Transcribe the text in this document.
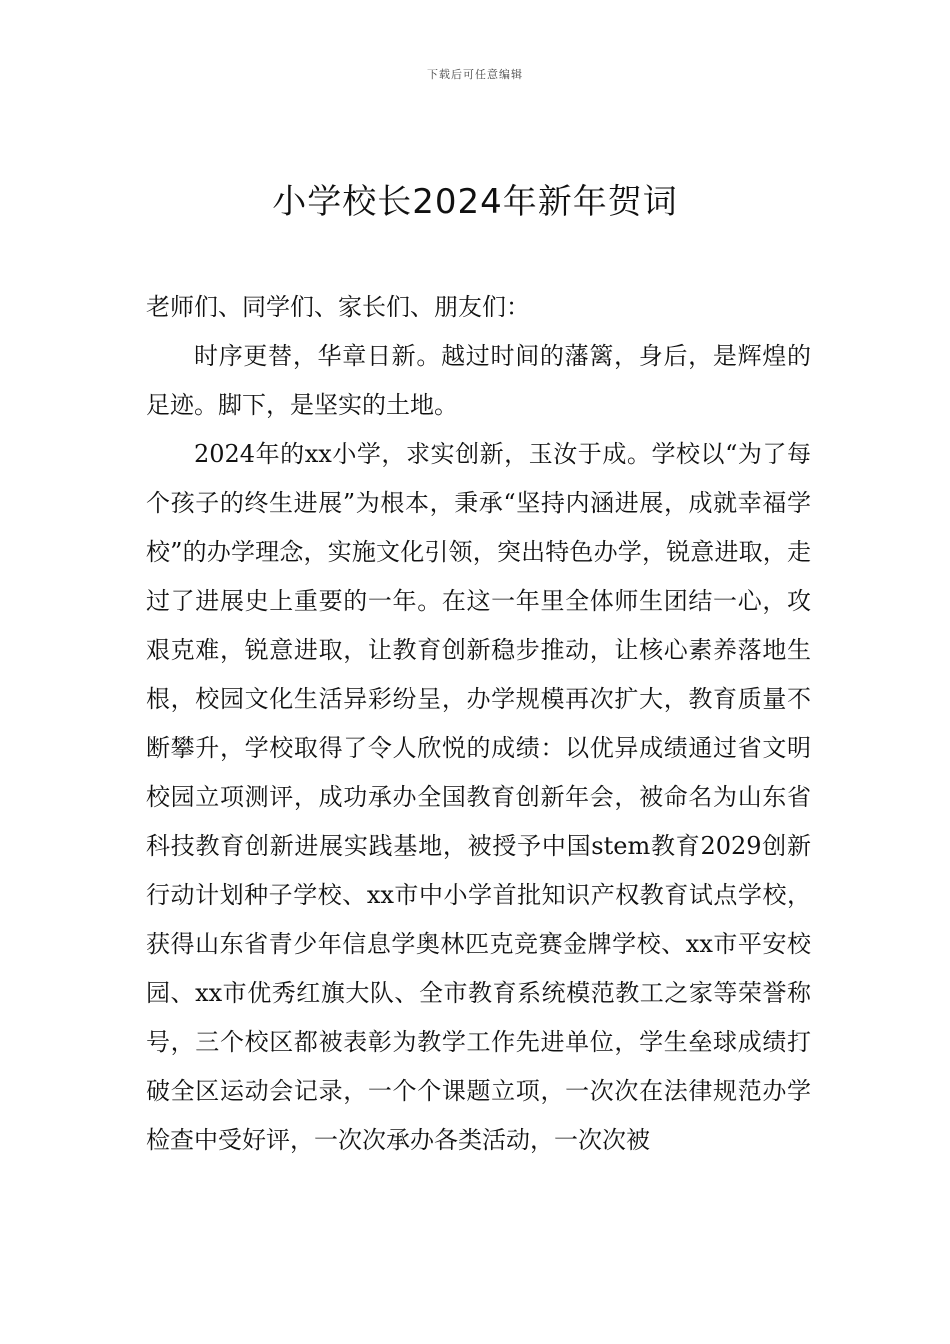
下载后可任意编辑
小学校长2024年新年贺词

老师们、同学们、家长们、朋友们：

时序更替，华章日新。越过时间的藩篱，身后，是辉煌的足迹。脚下，是坚实的土地。

2024年的xx小学，求实创新，玉汝于成。学校以“为了每个孩子的终生进展”为根本，秉承“坚持内涵进展，成就幸福学校”的办学理念，实施文化引领，突出特色办学，锐意进取，走过了进展史上重要的一年。在这一年里全体师生团结一心，攻艰克难，锐意进取，让教育创新稳步推动，让核心素养落地生根，校园文化生活异彩纷呈，办学规模再次扩大，教育质量不断攀升，学校取得了令人欣悦的成绩：以优异成绩通过省文明校园立项测评，成功承办全国教育创新年会，被命名为山东省科技教育创新进展实践基地，被授予中国stem教育2029创新行动计划种子学校、xx市中小学首批知识产权教育试点学校，获得山东省青少年信息学奥林匹克竞赛金牌学校、xx市平安校园、xx市优秀红旗大队、全市教育系统模范教工之家等荣誉称号，三个校区都被表彰为教学工作先进单位，学生垒球成绩打破全区运动会记录，一个个课题立项，一次次在法律规范办学检查中受好评，一次次承办各类活动，一次次被
